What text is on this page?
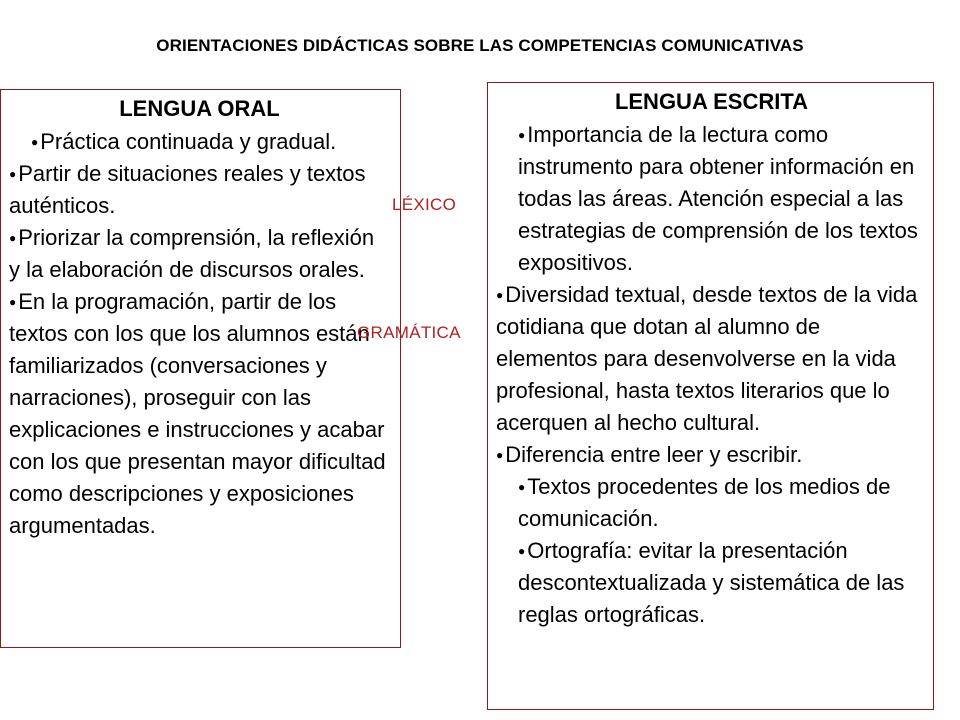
ORIENTACIONES DIDÁCTICAS SOBRE LAS COMPETENCIAS COMUNICATIVAS
LENGUA ORAL

●Práctica continuada y gradual.

●Partir de situaciones reales y textos auténticos.

●Priorizar la comprensión, la reflexión y la elaboración de discursos orales.

●En la programación, partir de los textos con los que los alumnos están familiarizados (conversaciones y narraciones), proseguir con las explicaciones e instrucciones y acabar con los que presentan mayor dificultad como descripciones y exposiciones argumentadas.

LÉXICO
LENGUA ESCRITA

●Importancia de la lectura como instrumento para obtener información en todas las áreas. Atención especial a las estrategias de comprensión de los textos expositivos.

●Diversidad textual, desde textos de la vida cotidiana que dotan al alumno de elementos para desenvolverse en la vida profesional, hasta textos literarios que lo acerquen al hecho cultural.

●Diferencia entre leer y escribir.

●Textos procedentes de los medios de comunicación.

●Ortografía: evitar la presentación descontextualizada y sistemática de las reglas ortográficas.

GRAMÁTICA
